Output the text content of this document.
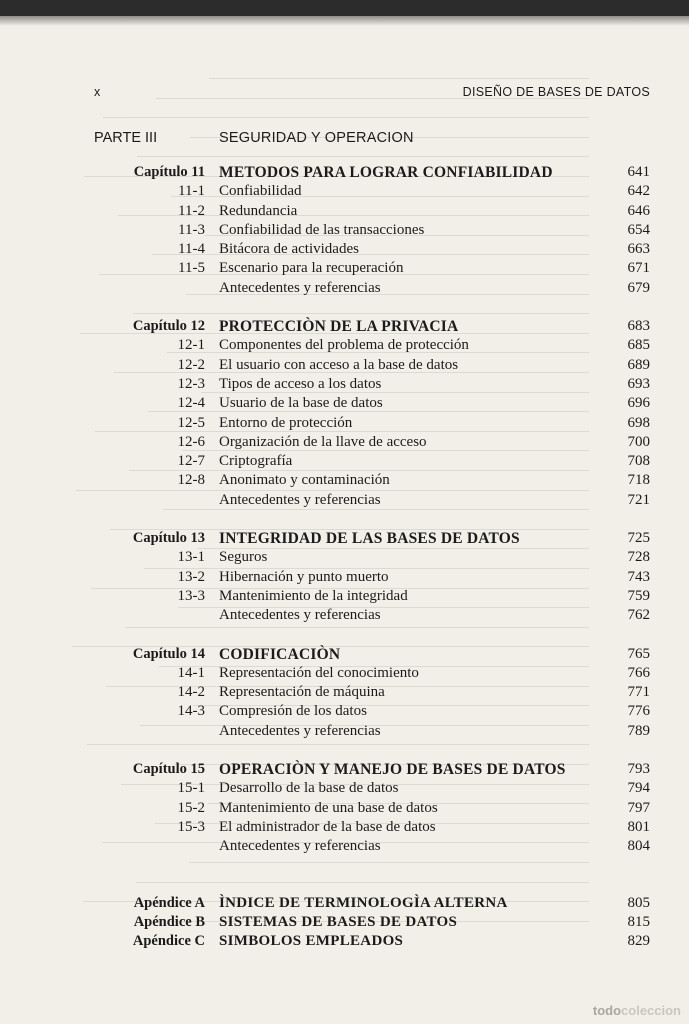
x	DISEÑO DE BASES DE DATOS
PARTE III	SEGURIDAD Y OPERACION
Capítulo 11 METODOS PARA LOGRAR CONFIABILIDAD	641
11-1 Confiabilidad	642
11-2 Redundancia	646
11-3 Confiabilidad de las transacciones	654
11-4 Bitácora de actividades	663
11-5 Escenario para la recuperación	671
Antecedentes y referencias	679
Capítulo 12 PROTECCIÒN DE LA PRIVACIA	683
12-1 Componentes del problema de protección	685
12-2 El usuario con acceso a la base de datos	689
12-3 Tipos de acceso a los datos	693
12-4 Usuario de la base de datos	696
12-5 Entorno de protección	698
12-6 Organización de la llave de acceso	700
12-7 Criptografía	708
12-8 Anonimato y contaminación	718
Antecedentes y referencias	721
Capítulo 13 INTEGRIDAD DE LAS BASES DE DATOS	725
13-1 Seguros	728
13-2 Hibernación y punto muerto	743
13-3 Mantenimiento de la integridad	759
Antecedentes y referencias	762
Capítulo 14 CODIFICACIÒN	765
14-1 Representación del conocimiento	766
14-2 Representación de máquina	771
14-3 Compresión de los datos	776
Antecedentes y referencias	789
Capítulo 15 OPERACIÒN Y MANEJO DE BASES DE DATOS	793
15-1 Desarrollo de la base de datos	794
15-2 Mantenimiento de una base de datos	797
15-3 El administrador de la base de datos	801
Antecedentes y referencias	804
Apéndice A ÌNDICE DE TERMINOLOGÌA ALTERNA	805
Apéndice B SISTEMAS DE BASES DE DATOS	815
Apéndice C SIMBOLOS EMPLEADOS	829
todocoleccion
